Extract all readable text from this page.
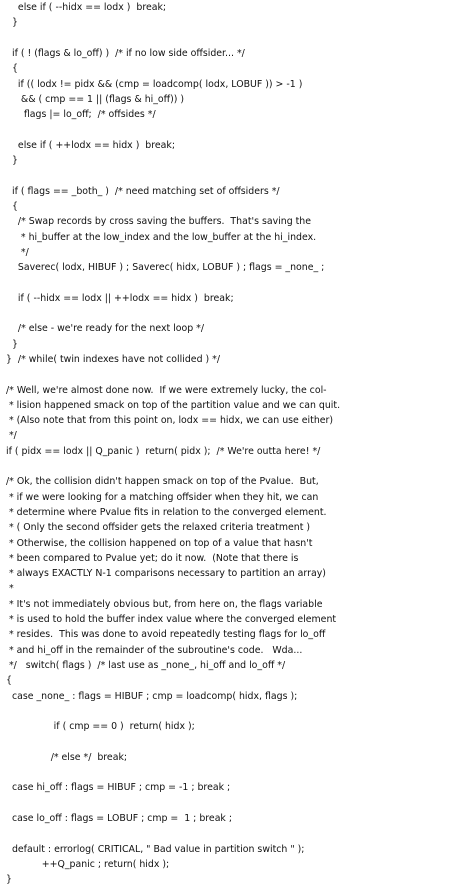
else if ( --hidx == lodx )  break;
}
if ( ! (flags & lo_off) )  /* if no low side offsider... */
{
if (( lodx != pidx && (cmp = loadcomp( lodx, LOBUF )) > -1 )
&& ( cmp == 1 || (flags & hi_off)) )
flags |= lo_off;  /* offsides */
else if ( ++lodx == hidx )  break;
}
if ( flags == _both_ )  /* need matching set of offsiders */
{
/* Swap records by cross saving the buffers.  That's saving the
* hi_buffer at the low_index and the low_buffer at the hi_index.
*/
Saverec( lodx, HIBUF ) ; Saverec( hidx, LOBUF ) ; flags = _none_ ;
if ( --hidx == lodx || ++lodx == hidx )  break;
/* else - we're ready for the next loop */
}
}  /* while( twin indexes have not collided ) */
/* Well, we're almost done now.  If we were extremely lucky, the col-
* lision happened smack on top of the partition value and we can quit.
* (Also note that from this point on, lodx == hidx, we can use either)
*/
if ( pidx == lodx || Q_panic )  return( pidx );  /* We're outta here! */
/* Ok, the collision didn't happen smack on top of the Pvalue.  But,
* if we were looking for a matching offsider when they hit, we can
* determine where Pvalue fits in relation to the converged element.
* ( Only the second offsider gets the relaxed criteria treatment )
* Otherwise, the collision happened on top of a value that hasn't
* been compared to Pvalue yet; do it now.  (Note that there is
* always EXACTLY N-1 comparisons necessary to partition an array)
*
* It's not immediately obvious but, from here on, the flags variable
* is used to hold the buffer index value where the converged element
* resides.  This was done to avoid repeatedly testing flags for lo_off
* and hi_off in the remainder of the subroutine's code.   Wda...
*/   switch( flags )  /* last use as _none_, hi_off and lo_off */
{
case _none_ : flags = HIBUF ; cmp = loadcomp( hidx, flags );
if ( cmp == 0 )  return( hidx );
/* else */  break;
case hi_off : flags = HIBUF ; cmp = -1 ; break ;
case lo_off : flags = LOBUF ; cmp =  1 ; break ;
default : errorlog( CRITICAL, " Bad value in partition switch " );
++Q_panic ; return( hidx );
}
